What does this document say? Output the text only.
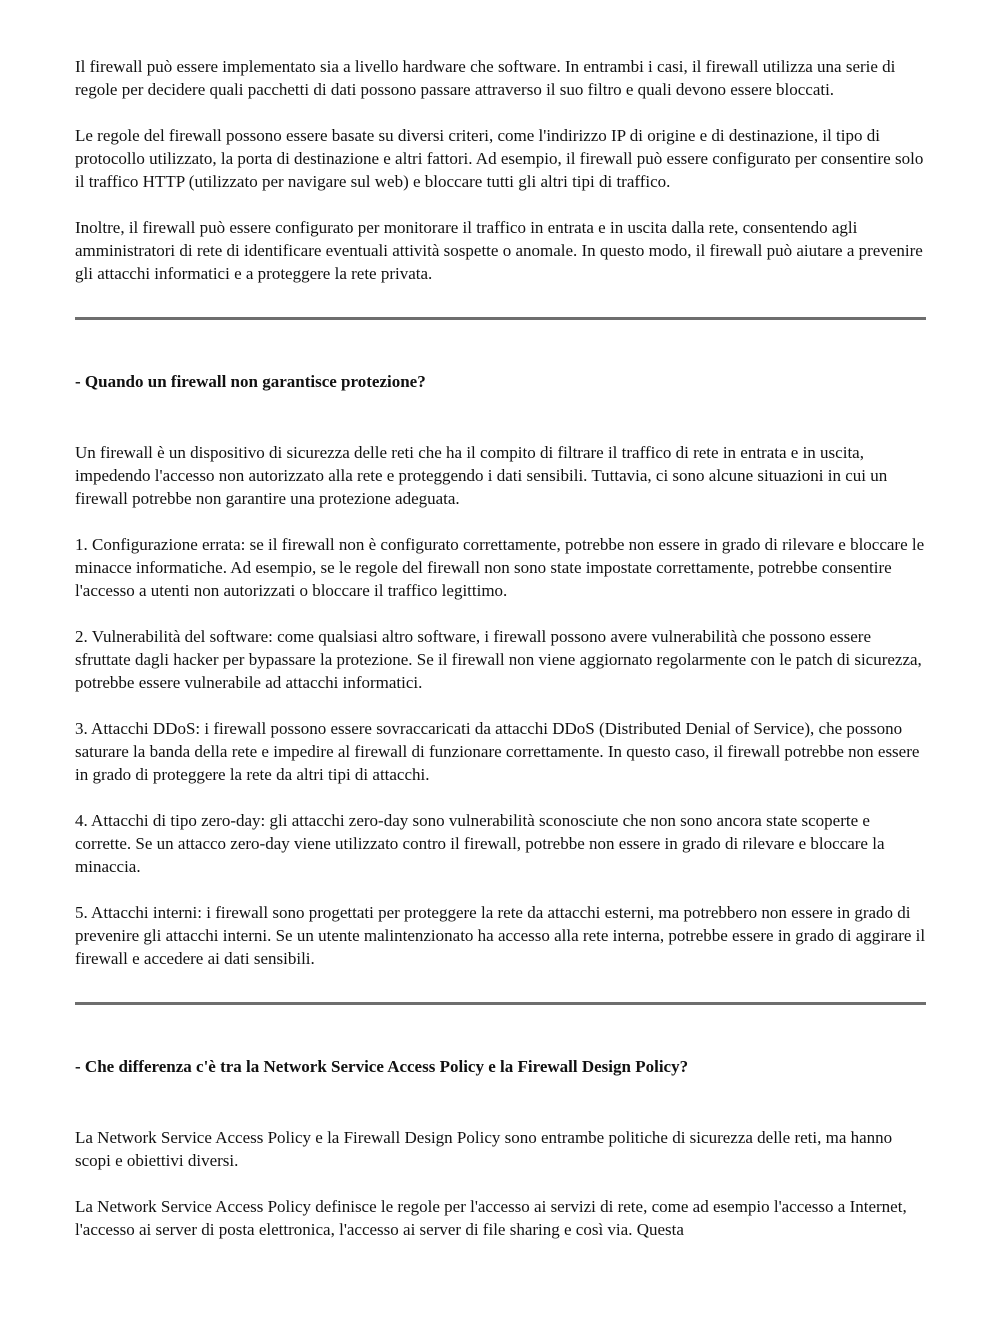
Il firewall può essere implementato sia a livello hardware che software. In entrambi i casi, il firewall utilizza una serie di regole per decidere quali pacchetti di dati possono passare attraverso il suo filtro e quali devono essere bloccati.

Le regole del firewall possono essere basate su diversi criteri, come l'indirizzo IP di origine e di destinazione, il tipo di protocollo utilizzato, la porta di destinazione e altri fattori. Ad esempio, il firewall può essere configurato per consentire solo il traffico HTTP (utilizzato per navigare sul web) e bloccare tutti gli altri tipi di traffico.

Inoltre, il firewall può essere configurato per monitorare il traffico in entrata e in uscita dalla rete, consentendo agli amministratori di rete di identificare eventuali attività sospette o anomale. In questo modo, il firewall può aiutare a prevenire gli attacchi informatici e a proteggere la rete privata.

- Quando un firewall non garantisce protezione?

Un firewall è un dispositivo di sicurezza delle reti che ha il compito di filtrare il traffico di rete in entrata e in uscita, impedendo l'accesso non autorizzato alla rete e proteggendo i dati sensibili. Tuttavia, ci sono alcune situazioni in cui un firewall potrebbe non garantire una protezione adeguata.

1. Configurazione errata: se il firewall non è configurato correttamente, potrebbe non essere in grado di rilevare e bloccare le minacce informatiche. Ad esempio, se le regole del firewall non sono state impostate correttamente, potrebbe consentire l'accesso a utenti non autorizzati o bloccare il traffico legittimo.
2. Vulnerabilità del software: come qualsiasi altro software, i firewall possono avere vulnerabilità che possono essere sfruttate dagli hacker per bypassare la protezione. Se il firewall non viene aggiornato regolarmente con le patch di sicurezza, potrebbe essere vulnerabile ad attacchi informatici.
3. Attacchi DDoS: i firewall possono essere sovraccaricati da attacchi DDoS (Distributed Denial of Service), che possono saturare la banda della rete e impedire al firewall di funzionare correttamente. In questo caso, il firewall potrebbe non essere in grado di proteggere la rete da altri tipi di attacchi.
4. Attacchi di tipo zero-day: gli attacchi zero-day sono vulnerabilità sconosciute che non sono ancora state scoperte e corrette. Se un attacco zero-day viene utilizzato contro il firewall, potrebbe non essere in grado di rilevare e bloccare la minaccia.
5. Attacchi interni: i firewall sono progettati per proteggere la rete da attacchi esterni, ma potrebbero non essere in grado di prevenire gli attacchi interni. Se un utente malintenzionato ha accesso alla rete interna, potrebbe essere in grado di aggirare il firewall e accedere ai dati sensibili.
- Che differenza c'è tra la Network Service Access Policy e la Firewall Design Policy?

La Network Service Access Policy e la Firewall Design Policy sono entrambe politiche di sicurezza delle reti, ma hanno scopi e obiettivi diversi.

La Network Service Access Policy definisce le regole per l'accesso ai servizi di rete, come ad esempio l'accesso a Internet, l'accesso ai server di posta elettronica, l'accesso ai server di file sharing e così via. Questa
